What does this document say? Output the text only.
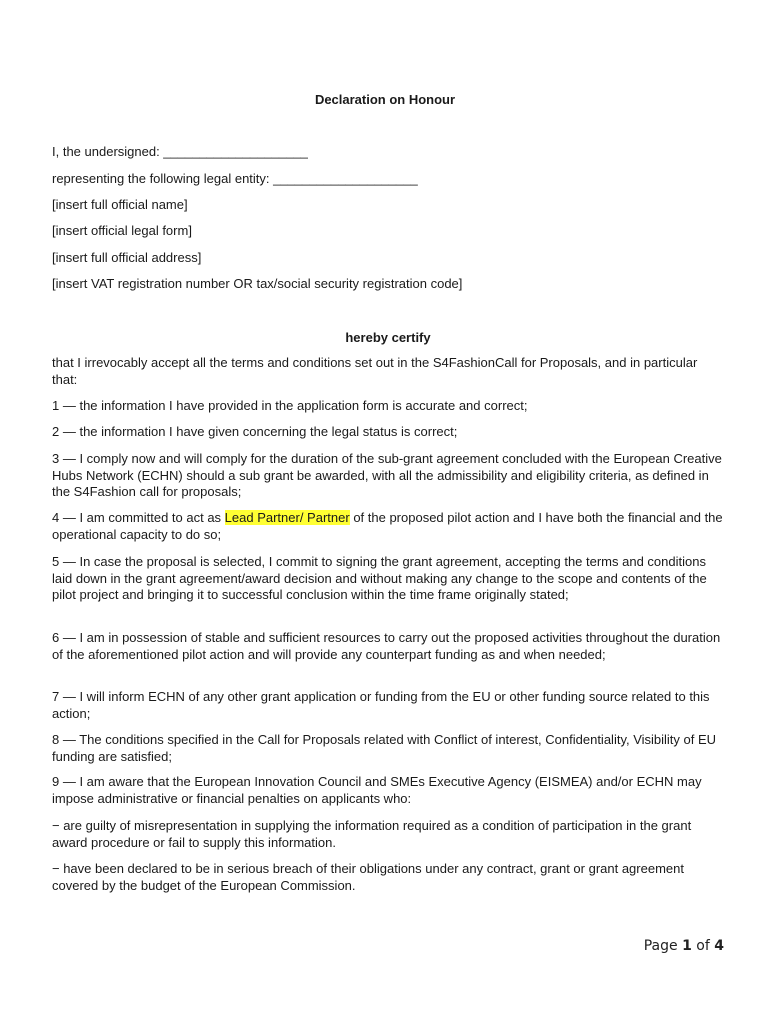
Declaration on Honour
I, the undersigned: ____________________
representing the following legal entity: ____________________
[insert full official name]
[insert official legal form]
[insert full official address]
[insert VAT registration number OR tax/social security registration code]
hereby certify
that I irrevocably accept all the terms and conditions set out in the S4FashionCall for Proposals, and in particular that:
1 — the information I have provided in the application form is accurate and correct;
2 — the information I have given concerning the legal status is correct;
3 — I comply now and will comply for the duration of the sub-grant agreement concluded with the European Creative Hubs Network (ECHN) should a sub grant be awarded, with all the admissibility and eligibility criteria, as defined in the S4Fashion call for proposals;
4 — I am committed to act as Lead Partner/ Partner of the proposed pilot action and I have both the financial and the operational capacity to do so;
5 — In case the proposal is selected, I commit to signing the grant agreement, accepting the terms and conditions laid down in the grant agreement/award decision and without making any change to the scope and contents of the pilot project and bringing it to successful conclusion within the time frame originally stated;
6 — I am in possession of stable and sufficient resources to carry out the proposed activities throughout the duration of the aforementioned pilot action and will provide any counterpart funding as and when needed;
7 — I will inform ECHN of any other grant application or funding from the EU or other funding source related to this action;
8 — The conditions specified in the Call for Proposals related with Conflict of interest, Confidentiality, Visibility of EU funding are satisfied;
9 — I am aware that the European Innovation Council and SMEs Executive Agency (EISMEA) and/or ECHN may impose administrative or financial penalties on applicants who:
− are guilty of misrepresentation in supplying the information required as a condition of participation in the grant award procedure or fail to supply this information.
− have been declared to be in serious breach of their obligations under any contract, grant or grant agreement covered by the budget of the European Commission.
Page 1 of 4
